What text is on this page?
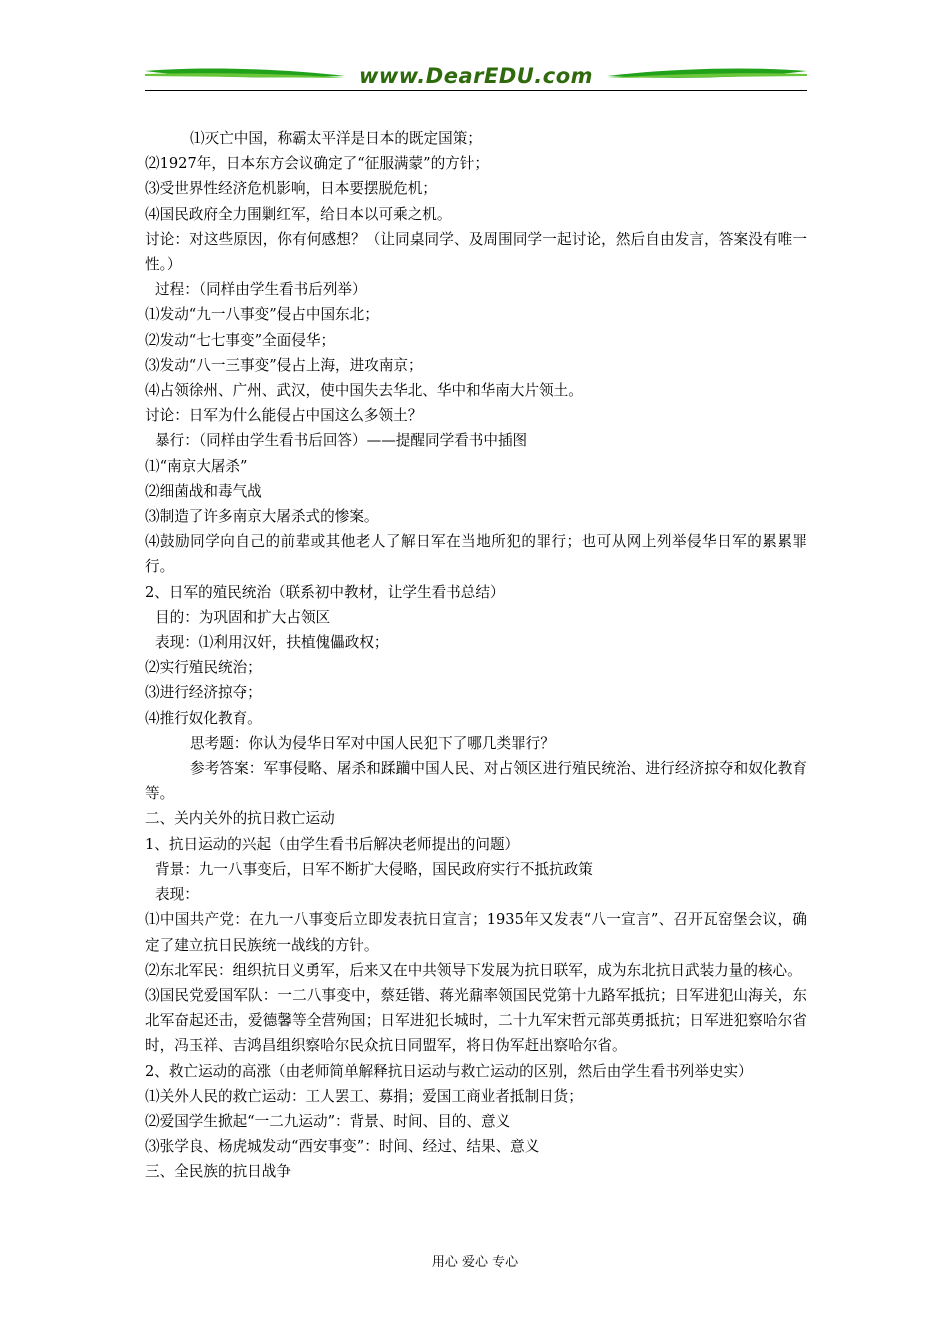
www.DearEDU.com
⑴灭亡中国，称霸太平洋是日本的既定国策；
⑵1927年，日本东方会议确定了“征服满蒙”的方针；
⑶受世界性经济危机影响，日本要摆脱危机；
⑷国民政府全力围剿红军，给日本以可乘之机。
讨论：对这些原因，你有何感想？（让同桌同学、及周围同学一起讨论，然后自由发言，答案没有唯一性。）
过程：（同样由学生看书后列举）
⑴发动“九一八事变”侵占中国东北；
⑵发动“七七事变”全面侵华；
⑶发动“八一三事变”侵占上海，进攻南京；
⑷占领徐州、广州、武汉，使中国失去华北、华中和华南大片领土。
讨论：日军为什么能侵占中国这么多领土？
暴行：（同样由学生看书后回答）——提醒同学看书中插图
⑴“南京大屠杀”
⑵细菌战和毒气战
⑶制造了许多南京大屠杀式的惨案。
⑷鼓励同学向自己的前辈或其他老人了解日军在当地所犯的罪行；也可从网上列举侵华日军的累累罪行。
2、日军的殖民统治（联系初中教材，让学生看书总结）
目的：为巩固和扩大占领区
表现：⑴利用汉奸，扶植傀儡政权；
⑵实行殖民统治；
⑶进行经济掠夺；
⑷推行奴化教育。
思考题：你认为侵华日军对中国人民犯下了哪几类罪行？
参考答案：军事侵略、屠杀和蹂躏中国人民、对占领区进行殖民统治、进行经济掠夺和奴化教育等。
二、关内关外的抗日救亡运动
1、抗日运动的兴起（由学生看书后解决老师提出的问题）
背景：九一八事变后，日军不断扩大侵略，国民政府实行不抵抗政策
表现：
⑴中国共产党：在九一八事变后立即发表抗日宣言；1935年又发表“八一宣言”、召开瓦窑堡会议，确定了建立抗日民族统一战线的方针。
⑵东北军民：组织抗日义勇军，后来又在中共领导下发展为抗日联军，成为东北抗日武装力量的核心。
⑶国民党爱国军队：一二八事变中，蔡廷锴、蒋光鼐率领国民党第十九路军抵抗；日军进犯山海关，东北军奋起还击，爱德馨等全营殉国；日军进犯长城时，二十九军宋哲元部英勇抵抗；日军进犯察哈尔省时，冯玉祥、吉鸿昌组织察哈尔民众抗日同盟军，将日伪军赶出察哈尔省。
2、救亡运动的高涨（由老师简单解释抗日运动与救亡运动的区别，然后由学生看书列举史实）
⑴关外人民的救亡运动：工人罢工、募捐；爱国工商业者抵制日货；
⑵爱国学生掀起“一二九运动”：背景、时间、目的、意义
⑶张学良、杨虎城发动“西安事变”：时间、经过、结果、意义
三、全民族的抗日战争
用心 爱心 专心
